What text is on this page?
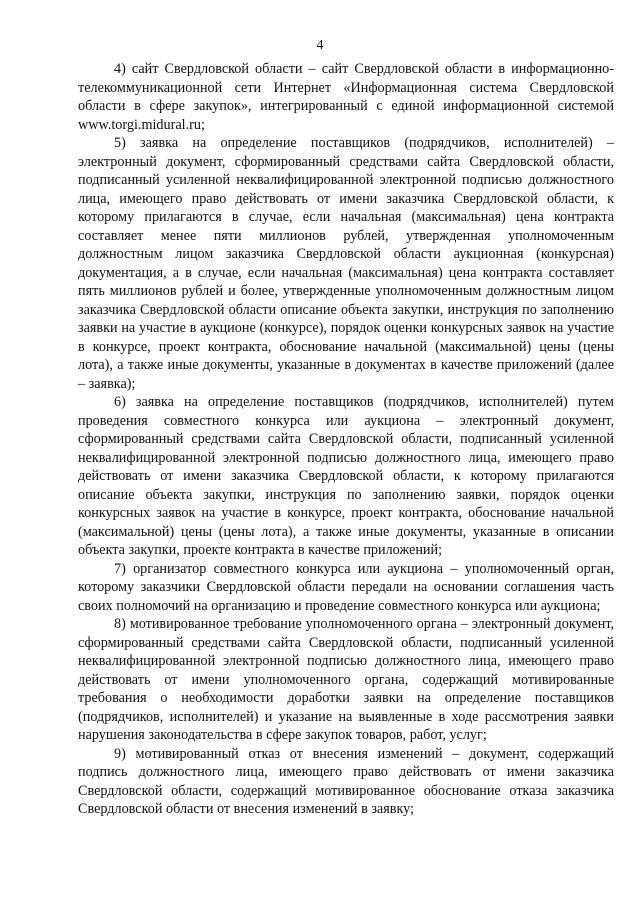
4

4) сайт Свердловской области – сайт Свердловской области в информационно-телекоммуникационной сети Интернет «Информационная система Свердловской области в сфере закупок», интегрированный с единой информационной системой www.torgi.midural.ru;

5) заявка на определение поставщиков (подрядчиков, исполнителей) – электронный документ, сформированный средствами сайта Свердловской области, подписанный усиленной неквалифицированной электронной подписью должностного лица, имеющего право действовать от имени заказчика Свердловской области, к которому прилагаются в случае, если начальная (максимальная) цена контракта составляет менее пяти миллионов рублей, утвержденная уполномоченным должностным лицом заказчика Свердловской области аукционная (конкурсная) документация, а в случае, если начальная (максимальная) цена контракта составляет пять миллионов рублей и более, утвержденные уполномоченным должностным лицом заказчика Свердловской области описание объекта закупки, инструкция по заполнению заявки на участие в аукционе (конкурсе), порядок оценки конкурсных заявок на участие в конкурсе, проект контракта, обоснование начальной (максимальной) цены (цены лота), а также иные документы, указанные в документах в качестве приложений (далее – заявка);

6) заявка на определение поставщиков (подрядчиков, исполнителей) путем проведения совместного конкурса или аукциона – электронный документ, сформированный средствами сайта Свердловской области, подписанный усиленной неквалифицированной электронной подписью должностного лица, имеющего право действовать от имени заказчика Свердловской области, к которому прилагаются описание объекта закупки, инструкция по заполнению заявки, порядок оценки конкурсных заявок на участие в конкурсе, проект контракта, обоснование начальной (максимальной) цены (цены лота), а также иные документы, указанные в описании объекта закупки, проекте контракта в качестве приложений;

7) организатор совместного конкурса или аукциона – уполномоченный орган, которому заказчики Свердловской области передали на основании соглашения часть своих полномочий на организацию и проведение совместного конкурса или аукциона;

8) мотивированное требование уполномоченного органа – электронный документ, сформированный средствами сайта Свердловской области, подписанный усиленной неквалифицированной электронной подписью должностного лица, имеющего право действовать от имени уполномоченного органа, содержащий мотивированные требования о необходимости доработки заявки на определение поставщиков (подрядчиков, исполнителей) и указание на выявленные в ходе рассмотрения заявки нарушения законодательства в сфере закупок товаров, работ, услуг;

9) мотивированный отказ от внесения изменений – документ, содержащий подпись должностного лица, имеющего право действовать от имени заказчика Свердловской области, содержащий мотивированное обоснование отказа заказчика Свердловской области от внесения изменений в заявку;
